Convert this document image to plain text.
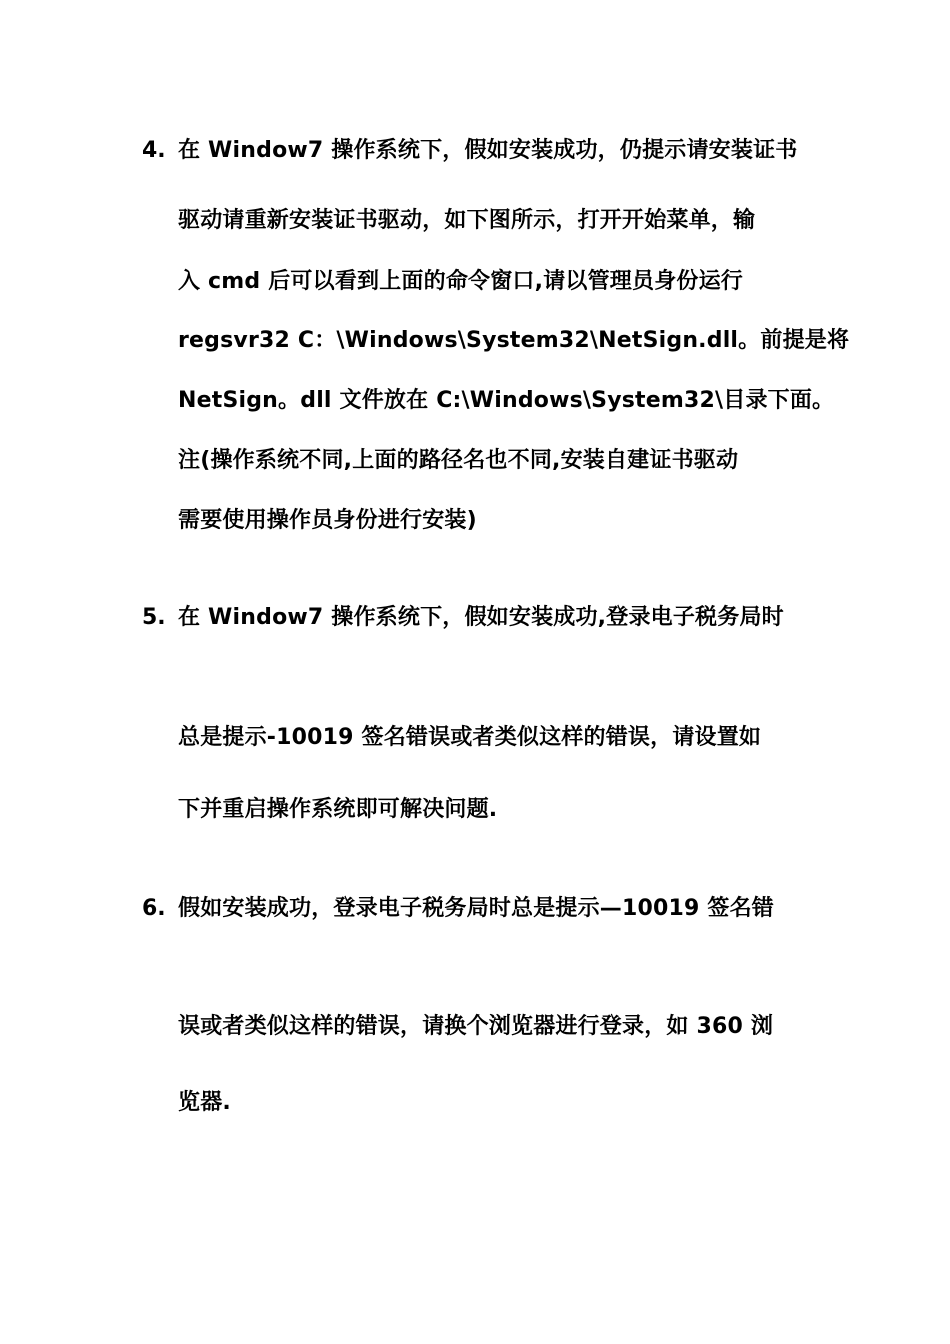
4. 在 Window7 操作系统下，假如安装成功，仍提示请安装证书
驱动请重新安装证书驱动，如下图所示，打开开始菜单，输
入 cmd 后可以看到上面的命令窗口,请以管理员身份运行
regsvr32 C：\Windows\System32\NetSign.dll。前提是将
NetSign。dll 文件放在 C:\Windows\System32\目录下面。
注(操作系统不同,上面的路径名也不同,安装自建证书驱动
需要使用操作员身份进行安装)
5. 在 Window7 操作系统下，假如安装成功,登录电子税务局时
总是提示-10019 签名错误或者类似这样的错误，请设置如
下并重启操作系统即可解决问题.
6. 假如安装成功，登录电子税务局时总是提示—10019 签名错
误或者类似这样的错误，请换个浏览器进行登录，如 360 浏
览器.
